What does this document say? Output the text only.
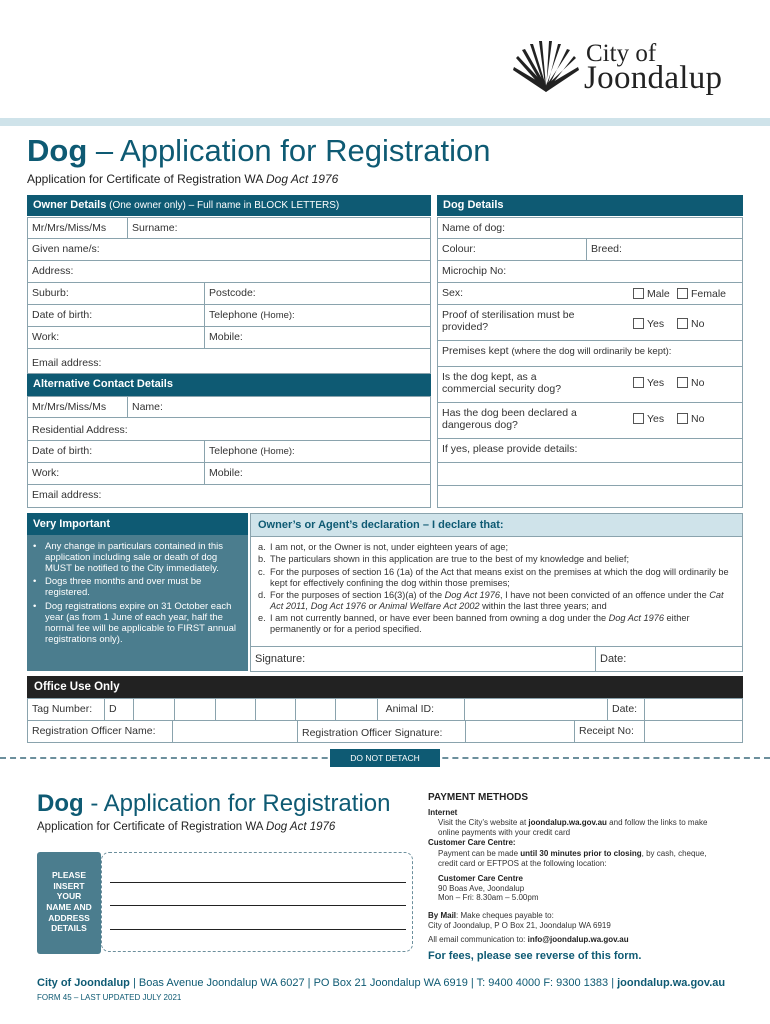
City of
Joondalup
Dog – Application for Registration
Application for Certificate of Registration WA Dog Act 1976
Owner Details (One owner only) – Full name in BLOCK LETTERS)
Mr/Mrs/Miss/Ms	Surname:
Given name/s:
Address:
Suburb:	Postcode:
Date of birth:	Telephone (Home):
Work:	Mobile:
Email address:
Alternative Contact Details
Mr/Mrs/Miss/Ms	Name:
Residential Address:
Date of birth:	Telephone (Home):
Work:	Mobile:
Email address:
Dog Details
Name of dog:
Colour:	Breed:
Microchip No:
Sex:	Male	Female
Proof of sterilisation must be
provided?	Yes	No
Premises kept (where the dog will ordinarily be kept):
Is the dog kept, as a
commercial security dog?
Yes	No
Has the dog been declared a
dangerous dog?
Yes	No
If yes, please provide details:
Very Important
• Any change in particulars contained in this application including sale or death of dog MUST be notified to the City immediately.
• Dogs three months and over must be registered.
• Dog registrations expire on 31 October each year (as from 1 June of each year, half the normal fee will be applicable to FIRST annual registrations only).
Owner’s or Agent’s declaration – I declare that:
a. I am not, or the Owner is not, under eighteen years of age;
b. The particulars shown in this application are true to the best of my knowledge and belief;
c. For the purposes of section 16 (1a) of the Act that means exist on the premises at which the dog will ordinarily be kept for effectively confining the dog within those premises;
d. For the purposes of section 16(3)(a) of the Dog Act 1976, I have not been convicted of an offence under the Cat Act 2011, Dog Act 1976 or Animal Welfare Act 2002 within the last three years; and
e. I am not currently banned, or have ever been banned from owning a dog under the Dog Act 1976 either permanently or for a period specified.
Signature:	Date:
Office Use Only
Tag Number:	D	Animal ID:	Date:
Registration Officer Name:	Registration Officer Signature:	Receipt No:
DO NOT DETACH
Dog - Application for Registration
Application for Certificate of Registration WA Dog Act 1976
PLEASE
INSERT
YOUR
NAME AND
ADDRESS
DETAILS
PAYMENT METHODS
Internet
Visit the City’s website at joondalup.wa.gov.au and follow the links to make
online payments with your credit card
Customer Care Centre:
Payment can be made until 30 minutes prior to closing, by cash, cheque,
credit card or EFTPOS at the following location:
Customer Care Centre
90 Boas Ave, Joondalup
Mon – Fri: 8.30am – 5.00pm
By Mail: Make cheques payable to:
City of Joondalup, P O Box 21, Joondalup WA 6919
All email communication to: info@joondalup.wa.gov.au
For fees, please see reverse of this form.
City of Joondalup | Boas Avenue Joondalup WA 6027 | PO Box 21 Joondalup WA 6919 | T: 9400 4000 F: 9300 1383 | joondalup.wa.gov.au
FORM 45 – LAST UPDATED JULY 2021
